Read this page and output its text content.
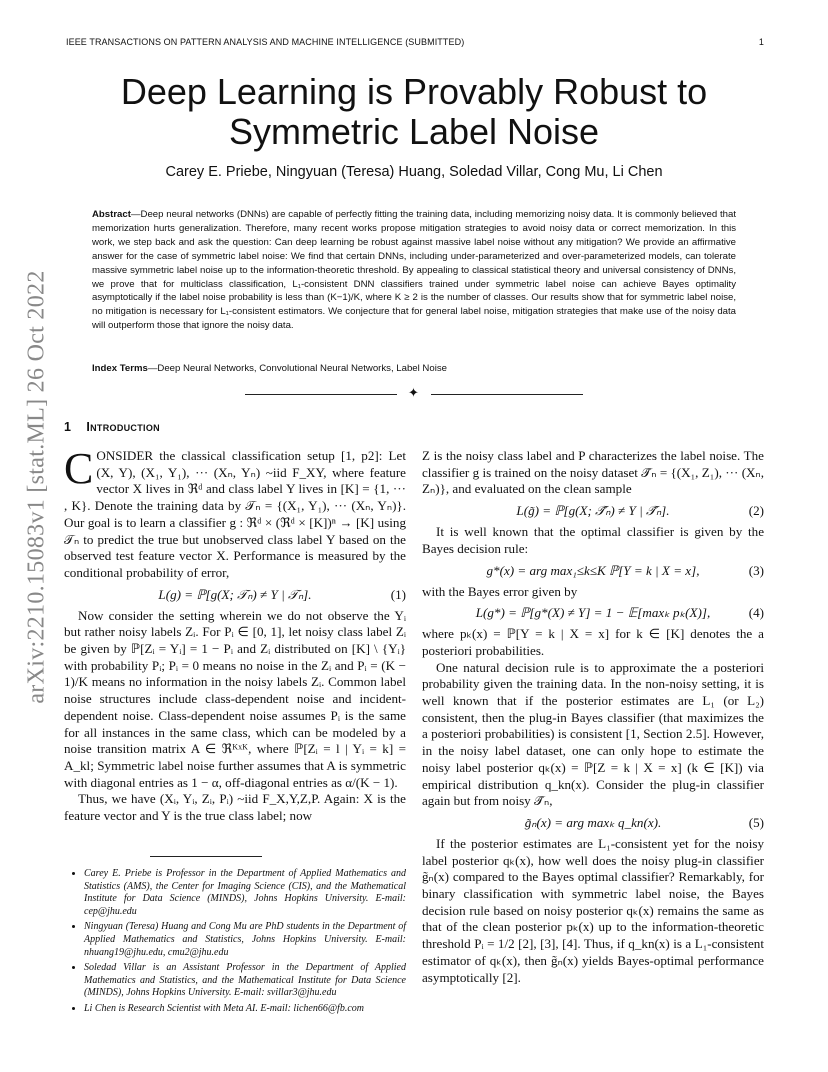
IEEE TRANSACTIONS ON PATTERN ANALYSIS AND MACHINE INTELLIGENCE (SUBMITTED)	1
arXiv:2210.15083v1 [stat.ML] 26 Oct 2022
Deep Learning is Provably Robust to Symmetric Label Noise
Carey E. Priebe, Ningyuan (Teresa) Huang, Soledad Villar, Cong Mu, Li Chen
Abstract—Deep neural networks (DNNs) are capable of perfectly fitting the training data, including memorizing noisy data. It is commonly believed that memorization hurts generalization. Therefore, many recent works propose mitigation strategies to avoid noisy data or correct memorization. In this work, we step back and ask the question: Can deep learning be robust against massive label noise without any mitigation? We provide an affirmative answer for the case of symmetric label noise: We find that certain DNNs, including under-parameterized and over-parameterized models, can tolerate massive symmetric label noise up to the information-theoretic threshold. By appealing to classical statistical theory and universal consistency of DNNs, we prove that for multiclass classification, L₁-consistent DNN classifiers trained under symmetric label noise can achieve Bayes optimality asymptotically if the label noise probability is less than (K−1)/K, where K ≥ 2 is the number of classes. Our results show that for symmetric label noise, no mitigation is necessary for L₁-consistent estimators. We conjecture that for general label noise, mitigation strategies that make use of the noisy data will outperform those that ignore the noisy data.
Index Terms—Deep Neural Networks, Convolutional Neural Networks, Label Noise
✦
1 Introduction

CONSIDER the classical classification setup [1, p2]: Let (X, Y), (X₁, Y₁), ··· (Xₙ, Yₙ) ~iid F_XY, where feature vector X lives in ℜᵈ and class label Y lives in [K] = {1, ··· , K}. Denote the training data by 𝒯ₙ = {(X₁, Y₁), ··· (Xₙ, Yₙ)}. Our goal is to learn a classifier g : ℜᵈ × (ℜᵈ × [K])ⁿ → [K] using 𝒯ₙ to predict the true but unobserved class label Y based on the observed test feature vector X. Performance is measured by the conditional probability of error,

L(g) = ℙ[g(X; 𝒯ₙ) ≠ Y | 𝒯ₙ].	(1)

Now consider the setting wherein we do not observe the Yᵢ but rather noisy labels Zᵢ. For Pᵢ ∈ [0, 1], let noisy class label Zᵢ be given by ℙ[Zᵢ = Yᵢ] = 1 − Pᵢ and Zᵢ distributed on [K] \ {Yᵢ} with probability Pᵢ; Pᵢ = 0 means no noise in the Zᵢ and Pᵢ = (K − 1)/K means no information in the noisy labels Zᵢ. Common label noise structures include class-dependent noise and incident-dependent noise. Class-dependent noise assumes Pᵢ is the same for all instances in the same class, which can be modeled by a noise transition matrix A ∈ ℜᴷˣᴷ, where ℙ[Zᵢ = l | Yᵢ = k] = A_kl; Symmetric label noise further assumes that A is symmetric with diagonal entries as 1 − α, off-diagonal entries as α/(K − 1).

Thus, we have (Xᵢ, Yᵢ, Zᵢ, Pᵢ) ~iid F_X,Y,Z,P. Again: X is the feature vector and Y is the true class label; now

• Carey E. Priebe is Professor in the Department of Applied Mathematics and Statistics (AMS), the Center for Imaging Science (CIS), and the Mathematical Institute for Data Science (MINDS), Johns Hopkins University. E-mail: cep@jhu.edu
• Ningyuan (Teresa) Huang and Cong Mu are PhD students in the Department of Applied Mathematics and Statistics, Johns Hopkins University. E-mail: nhuang19@jhu.edu, cmu2@jhu.edu
• Soledad Villar is an Assistant Professor in the Department of Applied Mathematics and Statistics, and the Mathematical Institute for Data Science (MINDS), Johns Hopkins University. E-mail: svillar3@jhu.edu
• Li Chen is Research Scientist with Meta AI. E-mail: lichen66@fb.com

Z is the noisy class label and P characterizes the label noise. The classifier g is trained on the noisy dataset 𝒯̃ₙ = {(X₁, Z₁), ··· (Xₙ, Zₙ)}, and evaluated on the clean sample

L(g̃) = ℙ[g(X; 𝒯̃ₙ) ≠ Y | 𝒯̃ₙ].	(2)

It is well known that the optimal classifier is given by the Bayes decision rule:

g*(x) = arg max₁≤k≤K ℙ[Y = k | X = x],	(3)

with the Bayes error given by

L(g*) = ℙ[g*(X) ≠ Y] = 1 − 𝔼[maxₖ pₖ(X)],	(4)

where pₖ(x) = ℙ[Y = k | X = x] for k ∈ [K] denotes the a posteriori probabilities.

One natural decision rule is to approximate the a posteriori probability given the training data. In the non-noisy setting, it is well known that if the posterior estimates are L₁ (or L₂) consistent, then the plug-in Bayes classifier (that maximizes the a posteriori probabilities) is consistent [1, Section 2.5]. However, in the noisy label dataset, one can only hope to estimate the noisy label posterior qₖ(x) = ℙ[Z = k | X = x] (k ∈ [K]) via empirical distribution q_kn(x). Consider the plug-in classifier again but from noisy 𝒯̃ₙ,

g̃ₙ(x) = arg maxₖ q_kn(x).	(5)

If the posterior estimates are L₁-consistent yet for the noisy label posterior qₖ(x), how well does the noisy plug-in classifier g̃ₙ(x) compared to the Bayes optimal classifier? Remarkably, for binary classification with symmetric label noise, the Bayes decision rule based on noisy posterior qₖ(x) remains the same as that of the clean posterior pₖ(x) up to the information-theoretic threshold Pᵢ = 1/2 [2], [3], [4]. Thus, if q_kn(x) is a L₁-consistent estimator of qₖ(x), then g̃ₙ(x) yields Bayes-optimal performance asymptotically [2].
